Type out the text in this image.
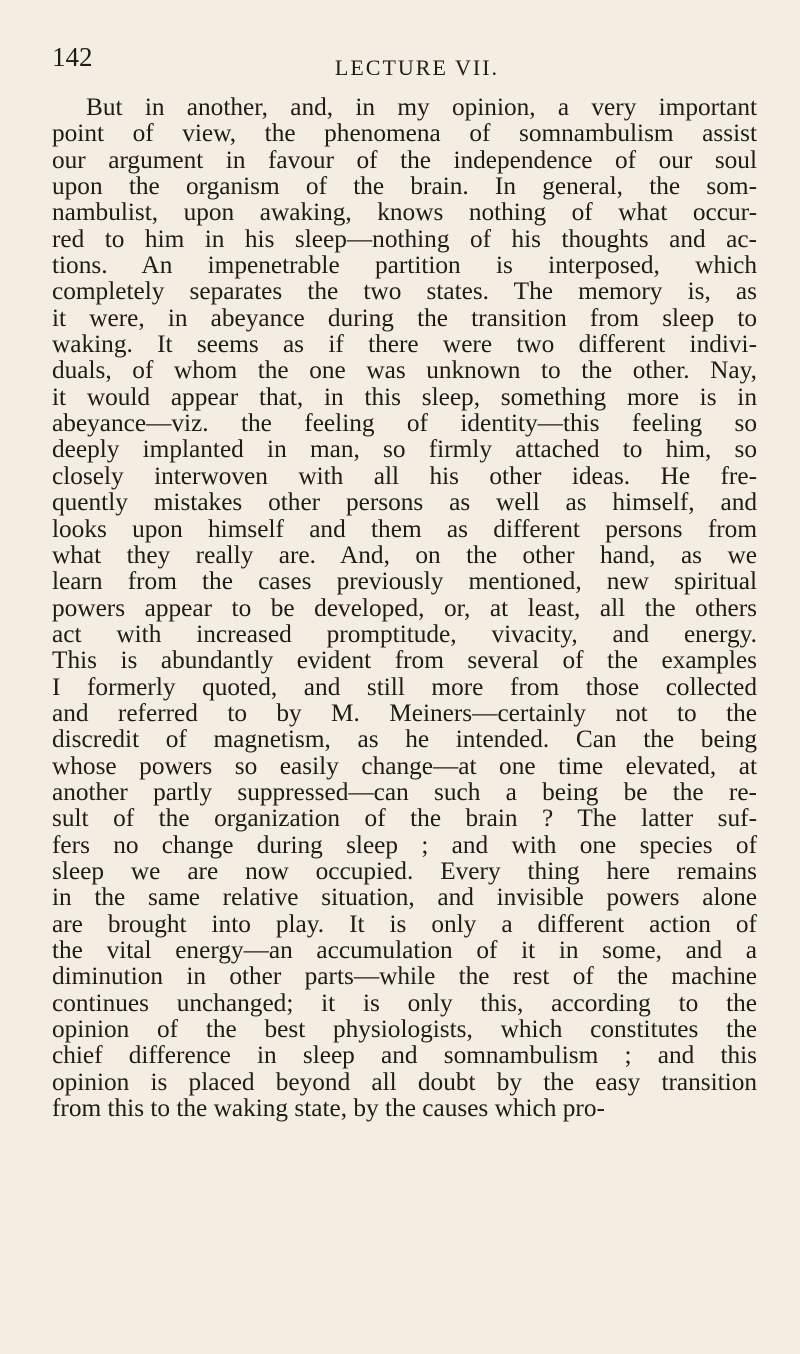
142	LECTURE VII.
But in another, and, in my opinion, a very important
point of view, the phenomena of somnambulism assist
our argument in favour of the independence of our soul
upon the organism of the brain. In general, the som-
nambulist, upon awaking, knows nothing of what occur-
red to him in his sleep—nothing of his thoughts and ac-
tions. An impenetrable partition is interposed, which
completely separates the two states. The memory is, as
it were, in abeyance during the transition from sleep to
waking. It seems as if there were two different indivi-
duals, of whom the one was unknown to the other. Nay,
it would appear that, in this sleep, something more is in
abeyance—viz. the feeling of identity—this feeling so
deeply implanted in man, so firmly attached to him, so
closely interwoven with all his other ideas. He fre-
quently mistakes other persons as well as himself, and
looks upon himself and them as different persons from
what they really are. And, on the other hand, as we
learn from the cases previously mentioned, new spiritual
powers appear to be developed, or, at least, all the others
act with increased promptitude, vivacity, and energy.
This is abundantly evident from several of the examples
I formerly quoted, and still more from those collected
and referred to by M. Meiners—certainly not to the
discredit of magnetism, as he intended. Can the being
whose powers so easily change—at one time elevated, at
another partly suppressed—can such a being be the re-
sult of the organization of the brain ? The latter suf-
fers no change during sleep ; and with one species of
sleep we are now occupied. Every thing here remains
in the same relative situation, and invisible powers alone
are brought into play. It is only a different action of
the vital energy—an accumulation of it in some, and a
diminution in other parts—while the rest of the machine
continues unchanged; it is only this, according to the
opinion of the best physiologists, which constitutes the
chief difference in sleep and somnambulism ; and this
opinion is placed beyond all doubt by the easy transition
from this to the waking state, by the causes which pro-
